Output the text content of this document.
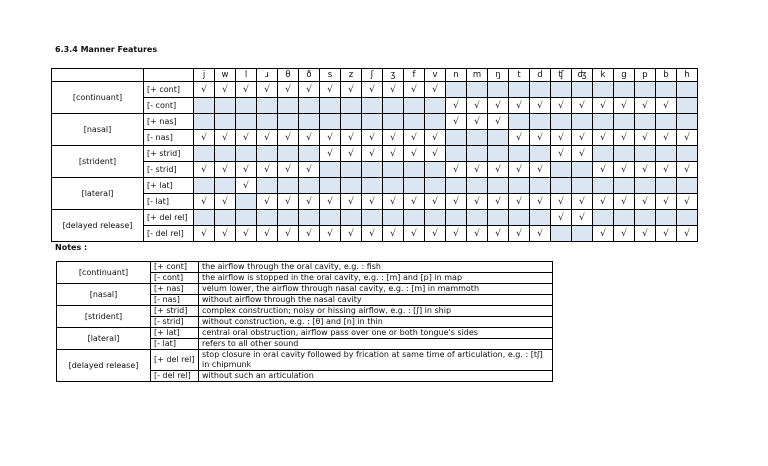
6.3.4 Manner Features
		j	w	l	ɹ	θ	ð	s	z	ʃ	ʒ	f	v	n	m	ŋ	t	d	ʧ	ʤ	k	g	p	b	h
[continuant]	[+ cont]	√	√	√	√	√	√	√	√	√	√	√	√												
	[- cont]													√	√	√	√	√	√	√	√	√	√	√	
[nasal]	[+ nas]													√	√	√									
	[- nas]	√	√	√	√	√	√	√	√	√	√	√	√				√	√	√	√	√	√	√	√	√
[strident]	[+ strid]							√	√	√	√	√	√						√	√					
	[- strid]	√	√	√	√	√	√							√	√	√	√	√			√	√	√	√	√
[lateral]	[+ lat]			√																					
	[- lat]	√	√		√	√	√	√	√	√	√	√	√	√	√	√	√	√	√	√	√	√	√	√	√
[delayed release]	[+ del rel]																		√	√					
	[- del rel]	√	√	√	√	√	√	√	√	√	√	√	√	√	√	√	√	√			√	√	√	√	√
Notes :
[continuant]	[+ cont]	the airflow through the oral cavity, e.g. : fish
	[- cont]	the airflow is stopped in the oral cavity, e.g. : [m] and [p] in map
[nasal]	[+ nas]	velum lower, the airflow through nasal cavity, e.g. : [m] in mammoth
	[- nas]	without airflow through the nasal cavity
[strident]	[+ strid]	complex construction; noisy or hissing airflow, e.g. : [ʃ] in ship
	[- strid]	without construction, e.g. : [θ] and [n] in thin
[lateral]	[+ lat]	central oral obstruction, airflow pass over one or both tongue's sides
	[- lat]	refers to all other sound
[delayed release]	[+ del rel]	stop closure in oral cavity followed by frication at same time of articulation, e.g. : [tʃ] in chipmunk
	[- del rel]	without such an articulation
